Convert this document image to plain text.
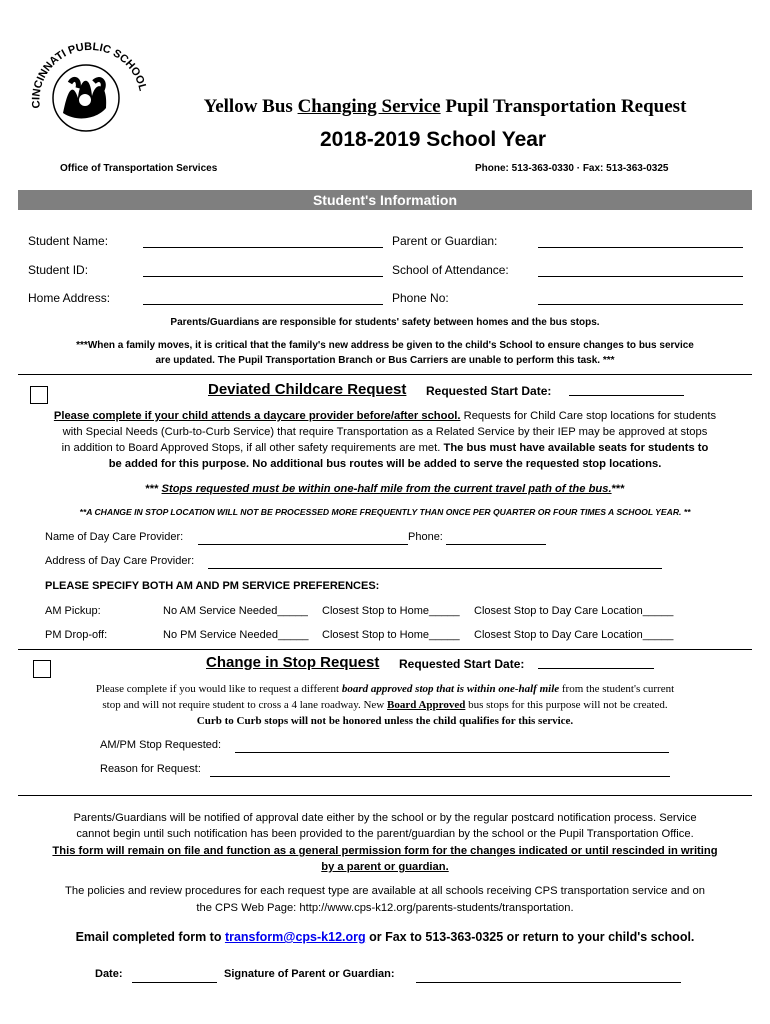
CINCINNATI PUBLIC SCHOOL
Yellow Bus Changing Service Pupil Transportation Request
2018-2019 School Year
Office of Transportation Services	Phone: 513-363-0330 · Fax: 513-363-0325
Student's Information
Student Name:	Parent or Guardian:
Student ID:	School of Attendance:
Home Address:	Phone No:
Parents/Guardians are responsible for students' safety between homes and the bus stops.
***When a family moves, it is critical that the family's new address be given to the child's School to ensure changes to bus service
are updated. The Pupil Transportation Branch or Bus Carriers are unable to perform this task. ***
Deviated Childcare Request Requested Start Date:
Please complete if your child attends a daycare provider before/after school. Requests for Child Care stop locations for students
with Special Needs (Curb-to-Curb Service) that require Transportation as a Related Service by their IEP may be approved at stops
in addition to Board Approved Stops, if all other safety requirements are met. The bus must have available seats for students to
be added for this purpose. No additional bus routes will be added to serve the requested stop locations.
*** Stops requested must be within one-half mile from the current travel path of the bus.***
**A CHANGE IN STOP LOCATION WILL NOT BE PROCESSED MORE FREQUENTLY THAN ONCE PER QUARTER OR FOUR TIMES A SCHOOL YEAR. **
Name of Day Care Provider:	Phone:
Address of Day Care Provider:
PLEASE SPECIFY BOTH AM AND PM SERVICE PREFERENCES:
AM Pickup:	No AM Service Needed_____ Closest Stop to Home_____ Closest Stop to Day Care Location_____
PM Drop-off:	No PM Service Needed_____ Closest Stop to Home_____ Closest Stop to Day Care Location_____
Change in Stop Request Requested Start Date:
Please complete if you would like to request a different board approved stop that is within one-half mile from the student's current
stop and will not require student to cross a 4 lane roadway. New Board Approved bus stops for this purpose will not be created.
Curb to Curb stops will not be honored unless the child qualifies for this service.
AM/PM Stop Requested:
Reason for Request:
Parents/Guardians will be notified of approval date either by the school or by the regular postcard notification process. Service
cannot begin until such notification has been provided to the parent/guardian by the school or the Pupil Transportation Office.
This form will remain on file and function as a general permission form for the changes indicated or until rescinded in writing
by a parent or guardian.
The policies and review procedures for each request type are available at all schools receiving CPS transportation service and on
the CPS Web Page: http://www.cps-k12.org/parents-students/transportation.
Email completed form to transform@cps-k12.org or Fax to 513-363-0325 or return to your child's school.
Date:	Signature of Parent or Guardian:
